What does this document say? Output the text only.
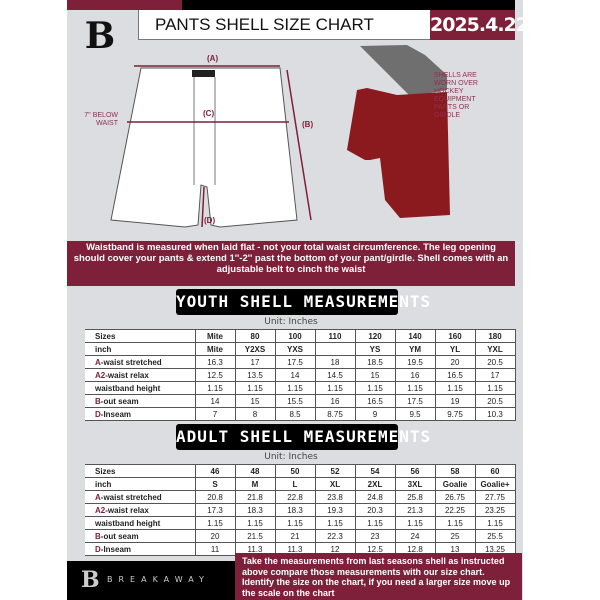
B	PANTS SHELL SIZE CHART	2025.4.22
(A)
(B)
(C)
(D)
7'' BELOW WAIST
SHELLS ARE WORN OVER HOCKEY EQUIPMENT PANTS OR GIRDLE
Waistband is measured when laid flat - not your total waist circumference. The leg opening should cover your pants & extend 1''-2'' past the bottom of your pant/girdle. Shell comes with an adjustable belt to cinch the waist
YOUTH SHELL MEASUREMENTS
Unit: Inches
Sizes	Mite	80	100	110	120	140	160	180
inch	Mite	Y2XS	YXS		YS	YM	YL	YXL
A-waist stretched	16.3	17	17.5	18	18.5	19.5	20	20.5
A2-waist relax	12.5	13.5	14	14.5	15	16	16.5	17
waistband height	1.15	1.15	1.15	1.15	1.15	1.15	1.15	1.15
B-out seam	14	15	15.5	16	16.5	17.5	19	20.5
D-Inseam	7	8	8.5	8.75	9	9.5	9.75	10.3
ADULT SHELL MEASUREMENTS
Unit: Inches
Sizes	46	48	50	52	54	56	58	60
inch	S	M	L	XL	2XL	3XL	Goalie	Goalie+
A-waist stretched	20.8	21.8	22.8	23.8	24.8	25.8	26.75	27.75
A2-waist relax	17.3	18.3	18.3	19.3	20.3	21.3	22.25	23.25
waistband height	1.15	1.15	1.15	1.15	1.15	1.15	1.15	1.15
B-out seam	20	21.5	21	22.3	23	24	25	25.5
D-Inseam	11	11.3	11.3	12	12.5	12.8	13	13.25
B BREAKAWAY
Take the measurements from last seasons shell as instructed above compare those measurements with our size chart. Identify the size on the chart, if you need a larger size move up the scale on the chart
